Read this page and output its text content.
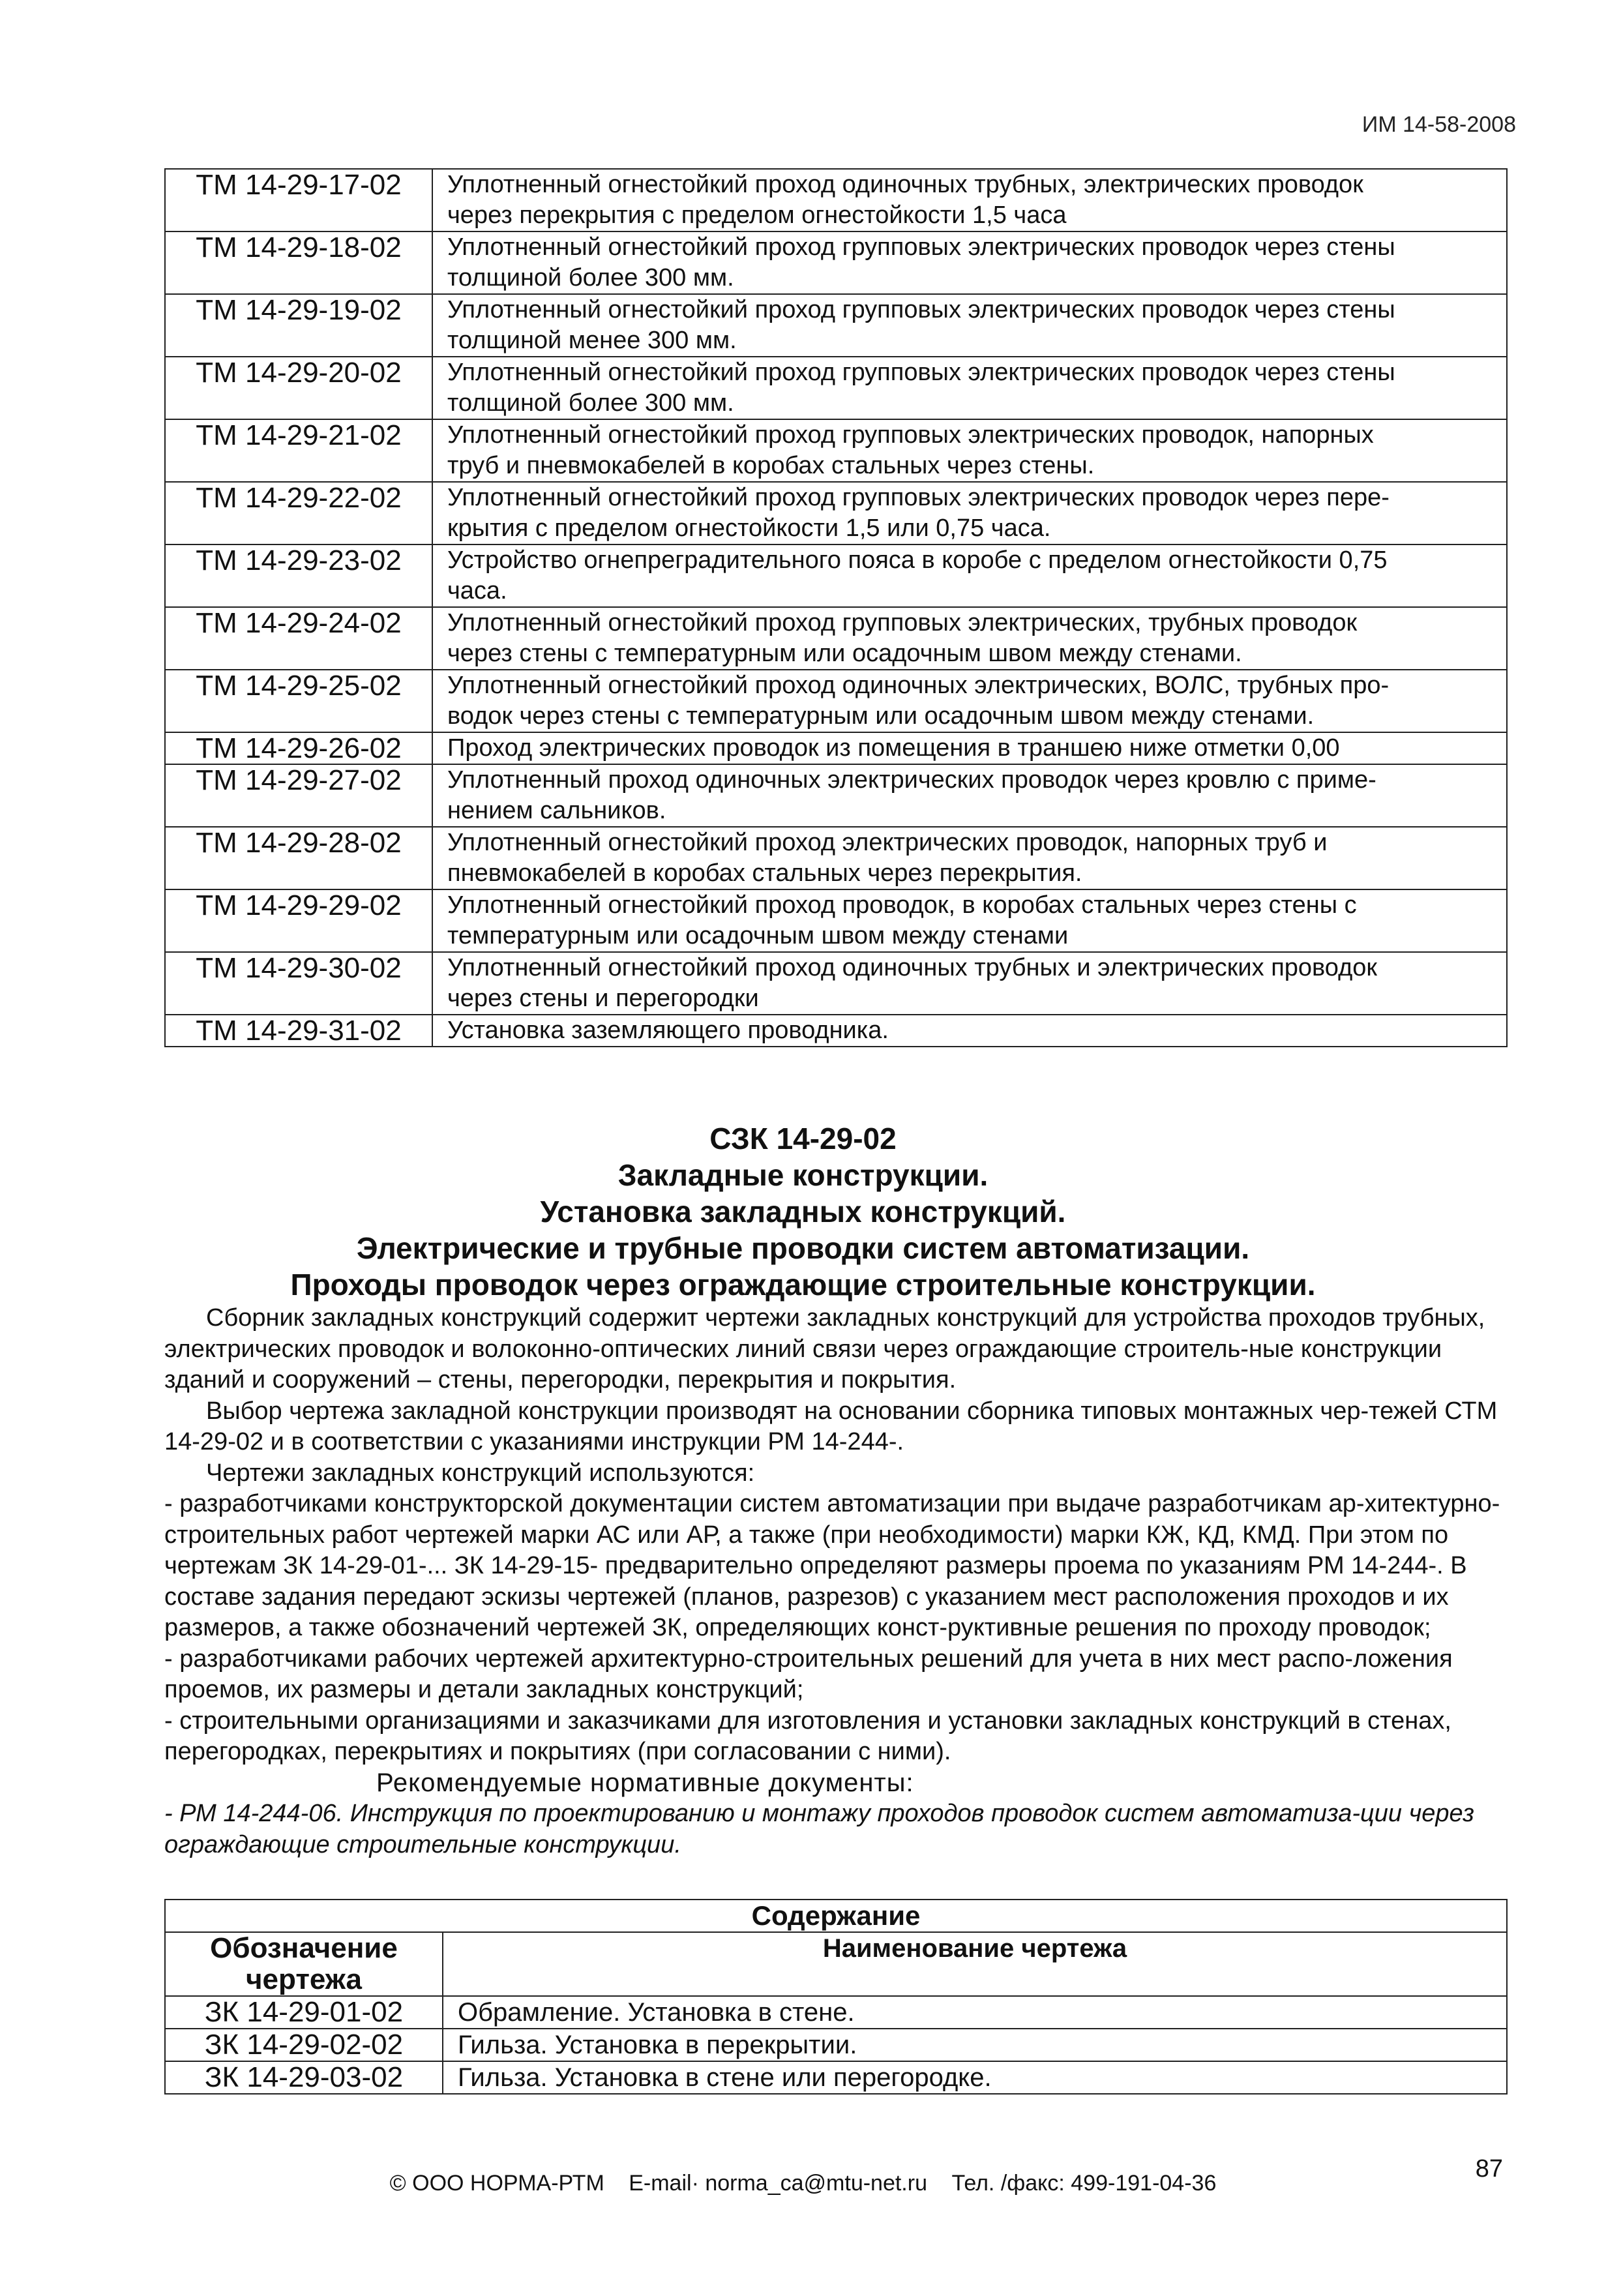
ИМ 14-58-2008
ТМ 14-29-17-02	Уплотненный огнестойкий проход одиночных трубных, электрических проводок
через перекрытия с пределом огнестойкости 1,5 часа

ТМ 14-29-18-02	Уплотненный огнестойкий проход групповых электрических проводок через стены
толщиной более 300 мм.

ТМ 14-29-19-02	Уплотненный огнестойкий проход групповых электрических проводок через стены
толщиной менее 300 мм.

ТМ 14-29-20-02	Уплотненный огнестойкий проход групповых электрических проводок через стены
толщиной более 300 мм.

ТМ 14-29-21-02	Уплотненный огнестойкий проход групповых электрических проводок, напорных
труб и пневмокабелей в коробах стальных через стены.

ТМ 14-29-22-02	Уплотненный огнестойкий проход групповых электрических проводок через пере-
крытия с пределом огнестойкости 1,5 или 0,75 часа.

ТМ 14-29-23-02	Устройство огнепреградительного пояса в коробе с пределом огнестойкости 0,75
часа.

ТМ 14-29-24-02	Уплотненный огнестойкий проход групповых электрических, трубных проводок
через стены с температурным или осадочным швом между стенами.

ТМ 14-29-25-02	Уплотненный огнестойкий проход одиночных электрических, ВОЛС, трубных про-
водок через стены с температурным или осадочным швом между стенами.

ТМ 14-29-26-02	Проход электрических проводок из помещения в траншею ниже отметки 0,00

ТМ 14-29-27-02	Уплотненный проход одиночных электрических проводок через кровлю с приме-
нением сальников.

ТМ 14-29-28-02	Уплотненный огнестойкий проход электрических проводок, напорных труб и
пневмокабелей в коробах стальных через перекрытия.

ТМ 14-29-29-02	Уплотненный огнестойкий проход проводок, в коробах стальных через стены с
температурным или осадочным швом между стенами

ТМ 14-29-30-02	Уплотненный огнестойкий проход одиночных трубных и электрических проводок
через стены и перегородки

ТМ 14-29-31-02	Установка заземляющего проводника.
СЗК 14-29-02
Закладные конструкции.
Установка закладных конструкций.
Электрические и трубные проводки систем автоматизации.
Проходы проводок через ограждающие строительные конструкции.

Сборник закладных конструкций содержит чертежи закладных конструкций для устройства проходов трубных, электрических проводок и волоконно-оптических линий связи через ограждающие строитель-ные конструкции зданий и сооружений – стены, перегородки, перекрытия и покрытия.

Выбор чертежа закладной конструкции производят на основании сборника типовых монтажных чер-тежей СТМ 14-29-02 и в соответствии с указаниями инструкции РМ 14-244-.

Чертежи закладных конструкций используются:

- разработчиками конструкторской документации систем автоматизации при выдаче разработчикам ар-хитектурно-строительных работ чертежей марки АС или АР, а также (при необходимости) марки КЖ, КД, КМД. При этом по чертежам ЗК 14-29-01-... ЗК 14-29-15- предварительно определяют размеры проема по указаниям РМ 14-244-. В составе задания передают эскизы чертежей (планов, разрезов) с указанием мест расположения проходов и их размеров, а также обозначений чертежей ЗК, определяющих конст-руктивные решения по проходу проводок;

- разработчиками рабочих чертежей архитектурно-строительных решений для учета в них мест распо-ложения проемов, их размеры и детали закладных конструкций;

- строительными организациями и заказчиками для изготовления и установки закладных конструкций в стенах, перегородках, перекрытиях и покрытиях (при согласовании с ними).

Рекомендуемые нормативные документы:

- РМ 14-244-06. Инструкция по проектированию и монтажу проходов проводок систем автоматиза-ции через ограждающие строительные конструкции.

Содержание	
Обозначение чертежа	Наименование чертежа
ЗК 14-29-01-02	Обрамление. Установка в стене.
ЗК 14-29-02-02	Гильза. Установка в перекрытии.
ЗК 14-29-03-02	Гильза. Установка в стене или перегородке.
© ООО НОРМА-РТМ E-mail· norma_ca@mtu-net.ru Тел. /факс: 499-191-04-36
87
